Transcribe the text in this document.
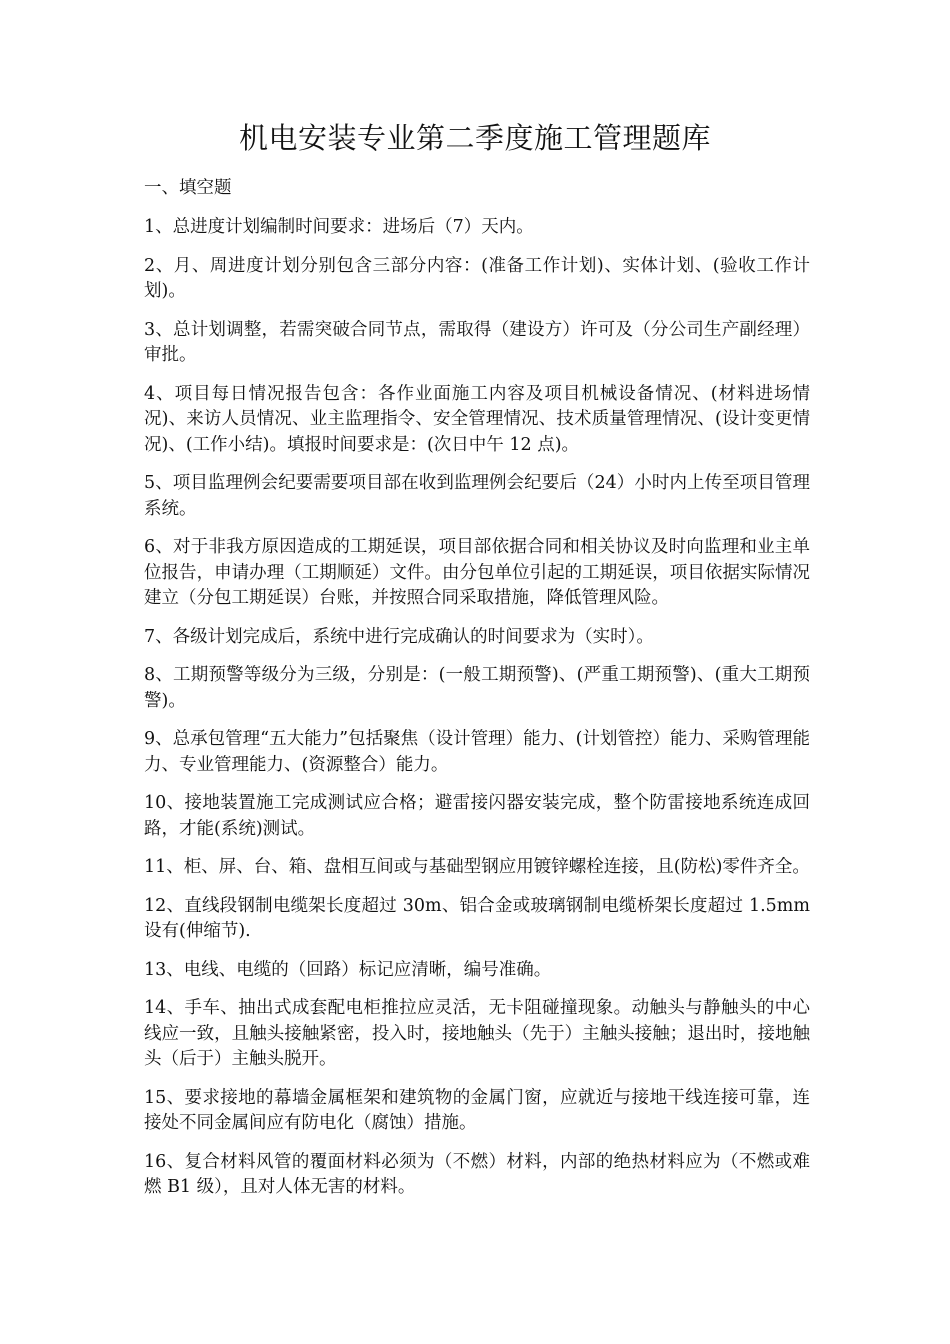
机电安装专业第二季度施工管理题库

一、填空题

1、总进度计划编制时间要求：进场后（7）天内。

2、月、周进度计划分别包含三部分内容：(准备工作计划)、实体计划、(验收工作计划)。

3、总计划调整，若需突破合同节点，需取得（建设方）许可及（分公司生产副经理）审批。

4、项目每日情况报告包含：各作业面施工内容及项目机械设备情况、(材料进场情况)、来访人员情况、业主监理指令、安全管理情况、技术质量管理情况、(设计变更情况)、(工作小结)。填报时间要求是：(次日中午 12 点)。

5、项目监理例会纪要需要项目部在收到监理例会纪要后（24）小时内上传至项目管理系统。

6、对于非我方原因造成的工期延误，项目部依据合同和相关协议及时向监理和业主单位报告，申请办理（工期顺延）文件。由分包单位引起的工期延误，项目依据实际情况建立（分包工期延误）台账，并按照合同采取措施，降低管理风险。

7、各级计划完成后，系统中进行完成确认的时间要求为（实时）。

8、工期预警等级分为三级，分别是：(一般工期预警)、(严重工期预警)、(重大工期预警)。

9、总承包管理“五大能力”包括聚焦（设计管理）能力、(计划管控）能力、采购管理能力、专业管理能力、(资源整合）能力。

10、接地装置施工完成测试应合格；避雷接闪器安装完成，整个防雷接地系统连成回路，才能(系统)测试。

11、柜、屏、台、箱、盘相互间或与基础型钢应用镀锌螺栓连接，且(防松)零件齐全。

12、直线段钢制电缆架长度超过 30m、铝合金或玻璃钢制电缆桥架长度超过 1.5mm 设有(伸缩节).

13、电线、电缆的（回路）标记应清晰，编号准确。

14、手车、抽出式成套配电柜推拉应灵活，无卡阻碰撞现象。动触头与静触头的中心线应一致，且触头接触紧密，投入时，接地触头（先于）主触头接触；退出时，接地触头（后于）主触头脱开。

15、要求接地的幕墙金属框架和建筑物的金属门窗，应就近与接地干线连接可靠，连接处不同金属间应有防电化（腐蚀）措施。

16、复合材料风管的覆面材料必须为（不燃）材料，内部的绝热材料应为（不燃或难燃 B1 级），且对人体无害的材料。
